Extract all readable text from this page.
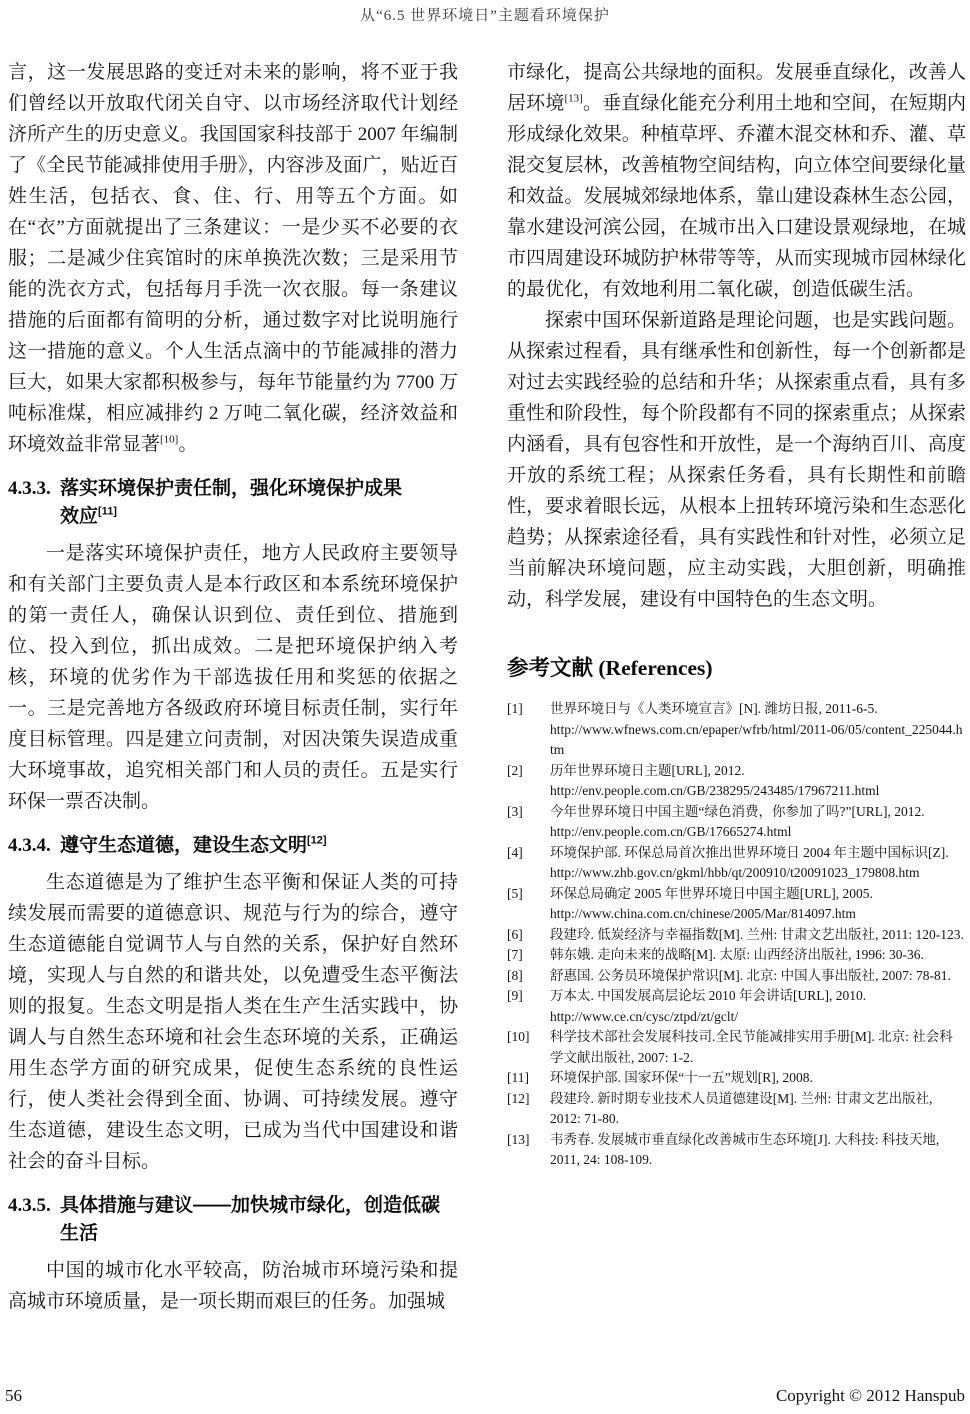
从“6.5 世界环境日”主题看环境保护

言，这一发展思路的变迁对未来的影响，将不亚于我们曾经以开放取代闭关自守、以市场经济取代计划经济所产生的历史意义。我国国家科技部于 2007 年编制了《全民节能减排使用手册》，内容涉及面广，贴近百姓生活，包括衣、食、住、行、用等五个方面。如在“衣”方面就提出了三条建议：一是少买不必要的衣服；二是减少住宾馆时的床单换洗次数；三是采用节能的洗衣方式，包括每月手洗一次衣服。每一条建议措施的后面都有简明的分析，通过数字对比说明施行这一措施的意义。个人生活点滴中的节能减排的潜力巨大，如果大家都积极参与，每年节能量约为 7700 万吨标准煤，相应减排约 2 万吨二氧化碳，经济效益和环境效益非常显著[10]。

4.3.3. 落实环境保护责任制，强化环境保护成果
效应[11]

一是落实环境保护责任，地方人民政府主要领导和有关部门主要负责人是本行政区和本系统环境保护的第一责任人，确保认识到位、责任到位、措施到位、投入到位，抓出成效。二是把环境保护纳入考核，环境的优劣作为干部选拔任用和奖惩的依据之一。三是完善地方各级政府环境目标责任制，实行年度目标管理。四是建立问责制，对因决策失误造成重大环境事故，追究相关部门和人员的责任。五是实行环保一票否决制。

4.3.4. 遵守生态道德，建设生态文明[12]

生态道德是为了维护生态平衡和保证人类的可持续发展而需要的道德意识、规范与行为的综合，遵守生态道德能自觉调节人与自然的关系，保护好自然环境，实现人与自然的和谐共处，以免遭受生态平衡法则的报复。生态文明是指人类在生产生活实践中，协调人与自然生态环境和社会生态环境的关系，正确运用生态学方面的研究成果，促使生态系统的良性运行，使人类社会得到全面、协调、可持续发展。遵守生态道德，建设生态文明，已成为当代中国建设和谐社会的奋斗目标。

4.3.5. 具体措施与建议——加快城市绿化，创造低碳
生活

中国的城市化水平较高，防治城市环境污染和提高城市环境质量，是一项长期而艰巨的任务。加强城

市绿化，提高公共绿地的面积。发展垂直绿化，改善人居环境[13]。垂直绿化能充分利用土地和空间，在短期内形成绿化效果。种植草坪、乔灌木混交林和乔、灌、草混交复层林，改善植物空间结构，向立体空间要绿化量和效益。发展城郊绿地体系，靠山建设森林生态公园，靠水建设河滨公园，在城市出入口建设景观绿地，在城市四周建设环城防护林带等等，从而实现城市园林绿化的最优化，有效地利用二氧化碳，创造低碳生活。

探索中国环保新道路是理论问题，也是实践问题。从探索过程看，具有继承性和创新性，每一个创新都是对过去实践经验的总结和升华；从探索重点看，具有多重性和阶段性，每个阶段都有不同的探索重点；从探索内涵看，具有包容性和开放性，是一个海纳百川、高度开放的系统工程；从探索任务看，具有长期性和前瞻性，要求着眼长远，从根本上扭转环境污染和生态恶化趋势；从探索途径看，具有实践性和针对性，必须立足当前解决环境问题，应主动实践，大胆创新，明确推动，科学发展，建设有中国特色的生态文明。

参考文献 (References)
[1]	世界环境日与《人类环境宣言》[N]. 潍坊日报, 2011-6-5.
http://www.wfnews.com.cn/epaper/wfrb/html/2011-06/05/content_225044.htm
[2]	历年世界环境日主题[URL], 2012.
http://env.people.com.cn/GB/238295/243485/17967211.html
[3]	今年世界环境日中国主题“绿色消费，你参加了吗?”[URL], 2012. http://env.people.com.cn/GB/17665274.html
[4]	环境保护部. 环保总局首次推出世界环境日 2004 年主题中国标识[Z].
http://www.zhb.gov.cn/gkml/hbb/qt/200910/t20091023_179808.htm
[5]	环保总局确定 2005 年世界环境日中国主题[URL], 2005.
http://www.china.com.cn/chinese/2005/Mar/814097.htm
[6]	段建玲. 低炭经济与幸福指数[M]. 兰州: 甘肃文艺出版社, 2011: 120-123.
[7]	韩东娥. 走向未来的战略[M]. 太原: 山西经济出版社, 1996: 30-36.
[8]	舒惠国. 公务员环境保护常识[M]. 北京: 中国人事出版社, 2007: 78-81.
[9]	万本太. 中国发展高层论坛 2010 年会讲话[URL], 2010.
http://www.ce.cn/cysc/ztpd/zt/gclt/
[10]	科学技术部社会发展科技司.全民节能减排实用手册[M]. 北京: 社会科学文献出版社, 2007: 1-2.
[11]	环境保护部. 国家环保“十一五”规划[R], 2008.
[12]	段建玲. 新时期专业技术人员道德建设[M]. 兰州: 甘肃文艺出版社, 2012: 71-80.
[13]	韦秀春. 发展城市垂直绿化改善城市生态环境[J]. 大科技: 科技天地, 2011, 24: 108-109.
56	Copyright © 2012 Hanspub
